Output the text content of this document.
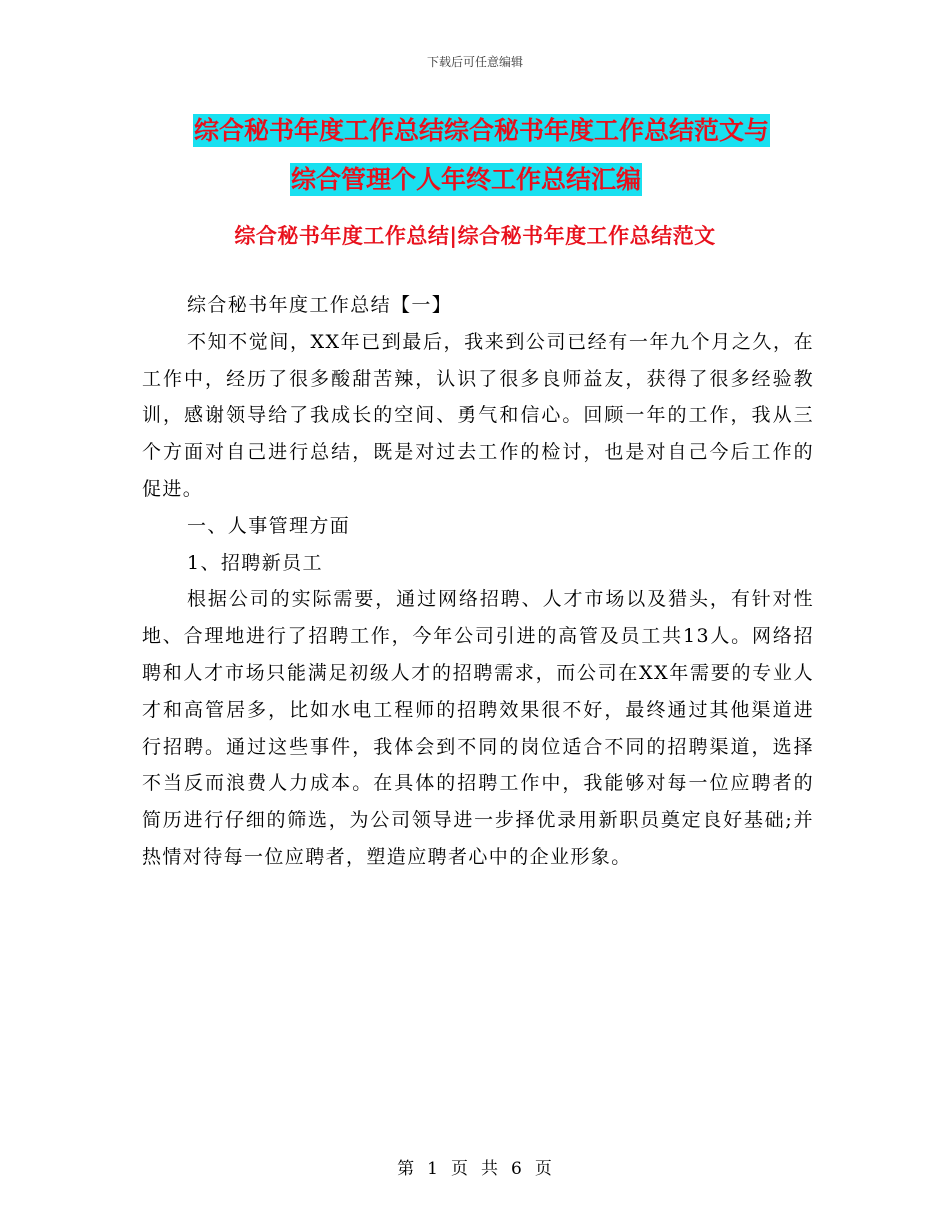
下载后可任意编辑
综合秘书年度工作总结综合秘书年度工作总结范文与
综合管理个人年终工作总结汇编
综合秘书年度工作总结|综合秘书年度工作总结范文

综合秘书年度工作总结【一】

不知不觉间，XX年已到最后，我来到公司已经有一年九个月之久，在工作中，经历了很多酸甜苦辣，认识了很多良师益友，获得了很多经验教训，感谢领导给了我成长的空间、勇气和信心。回顾一年的工作，我从三个方面对自己进行总结，既是对过去工作的检讨，也是对自己今后工作的促进。

一、人事管理方面

1、招聘新员工

根据公司的实际需要，通过网络招聘、人才市场以及猎头，有针对性地、合理地进行了招聘工作，今年公司引进的高管及员工共13人。网络招聘和人才市场只能满足初级人才的招聘需求，而公司在XX年需要的专业人才和高管居多，比如水电工程师的招聘效果很不好，最终通过其他渠道进行招聘。通过这些事件，我体会到不同的岗位适合不同的招聘渠道，选择不当反而浪费人力成本。在具体的招聘工作中，我能够对每一位应聘者的简历进行仔细的筛选，为公司领导进一步择优录用新职员奠定良好基础;并热情对待每一位应聘者，塑造应聘者心中的企业形象。

第 1 页 共 6 页
